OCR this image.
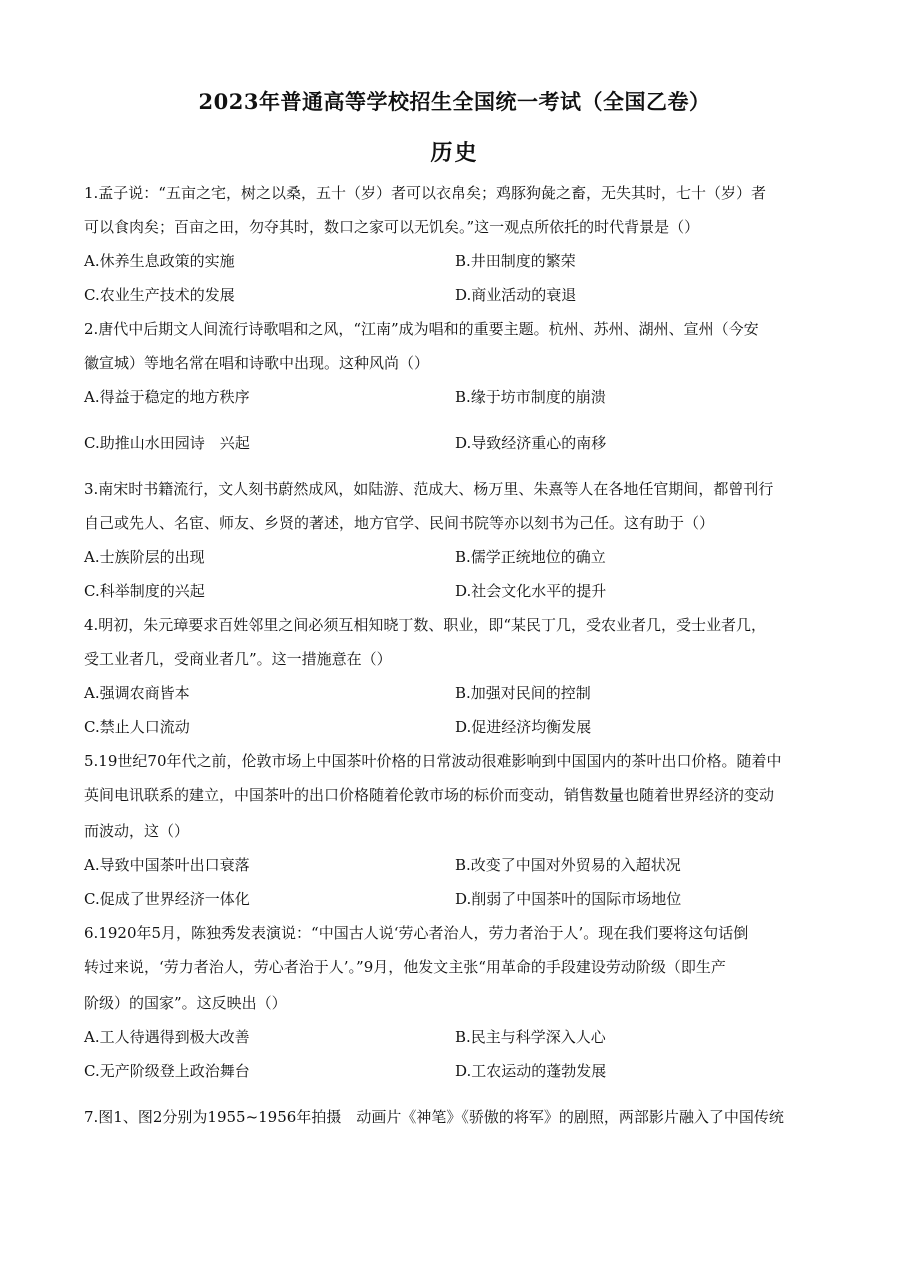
2023年普通高等学校招生全国统一考试（全国乙卷）
历史
1.孟子说：“五亩之宅，树之以桑，五十（岁）者可以衣帛矣；鸡豚狗彘之畜，无失其时，七十（岁）者
可以食肉矣；百亩之田，勿夺其时，数口之家可以无饥矣。”这一观点所依托的时代背景是（）
A.休养生息政策的实施	B.井田制度的繁荣
C.农业生产技术的发展	D.商业活动的衰退
2.唐代中后期文人间流行诗歌唱和之风，“江南”成为唱和的重要主题。杭州、苏州、湖州、宣州（今安
徽宣城）等地名常在唱和诗歌中出现。这种风尚（）
A.得益于稳定的地方秩序	B.缘于坊市制度的崩溃
C.助推山水田园诗　兴起	D.导致经济重心的南移
3.南宋时书籍流行，文人刻书蔚然成风，如陆游、范成大、杨万里、朱熹等人在各地任官期间，都曾刊行
自己或先人、名宦、师友、乡贤的著述，地方官学、民间书院等亦以刻书为己任。这有助于（）
A.士族阶层的出现	B.儒学正统地位的确立
C.科举制度的兴起	D.社会文化水平的提升
4.明初，朱元璋要求百姓邻里之间必须互相知晓丁数、职业，即“某民丁几，受农业者几，受士业者几，
受工业者几，受商业者几”。这一措施意在（）
A.强调农商皆本	B.加强对民间的控制
C.禁止人口流动	D.促进经济均衡发展
5.19世纪70年代之前，伦敦市场上中国茶叶价格的日常波动很难影响到中国国内的茶叶出口价格。随着中
英间电讯联系的建立，中国茶叶的出口价格随着伦敦市场的标价而变动，销售数量也随着世界经济的变动
而波动，这（）
A.导致中国茶叶出口衰落	B.改变了中国对外贸易的入超状况
C.促成了世界经济一体化	D.削弱了中国茶叶的国际市场地位
6.1920年5月，陈独秀发表演说：“中国古人说‘劳心者治人，劳力者治于人’。现在我们要将这句话倒
转过来说，‘劳力者治人，劳心者治于人’。”9月，他发文主张“用革命的手段建设劳动阶级（即生产
阶级）的国家”。这反映出（）
A.工人待遇得到极大改善	B.民主与科学深入人心
C.无产阶级登上政治舞台	D.工农运动的蓬勃发展
7.图1、图2分别为1955~1956年拍摄　动画片《神笔》《骄傲的将军》的剧照，两部影片融入了中国传统
